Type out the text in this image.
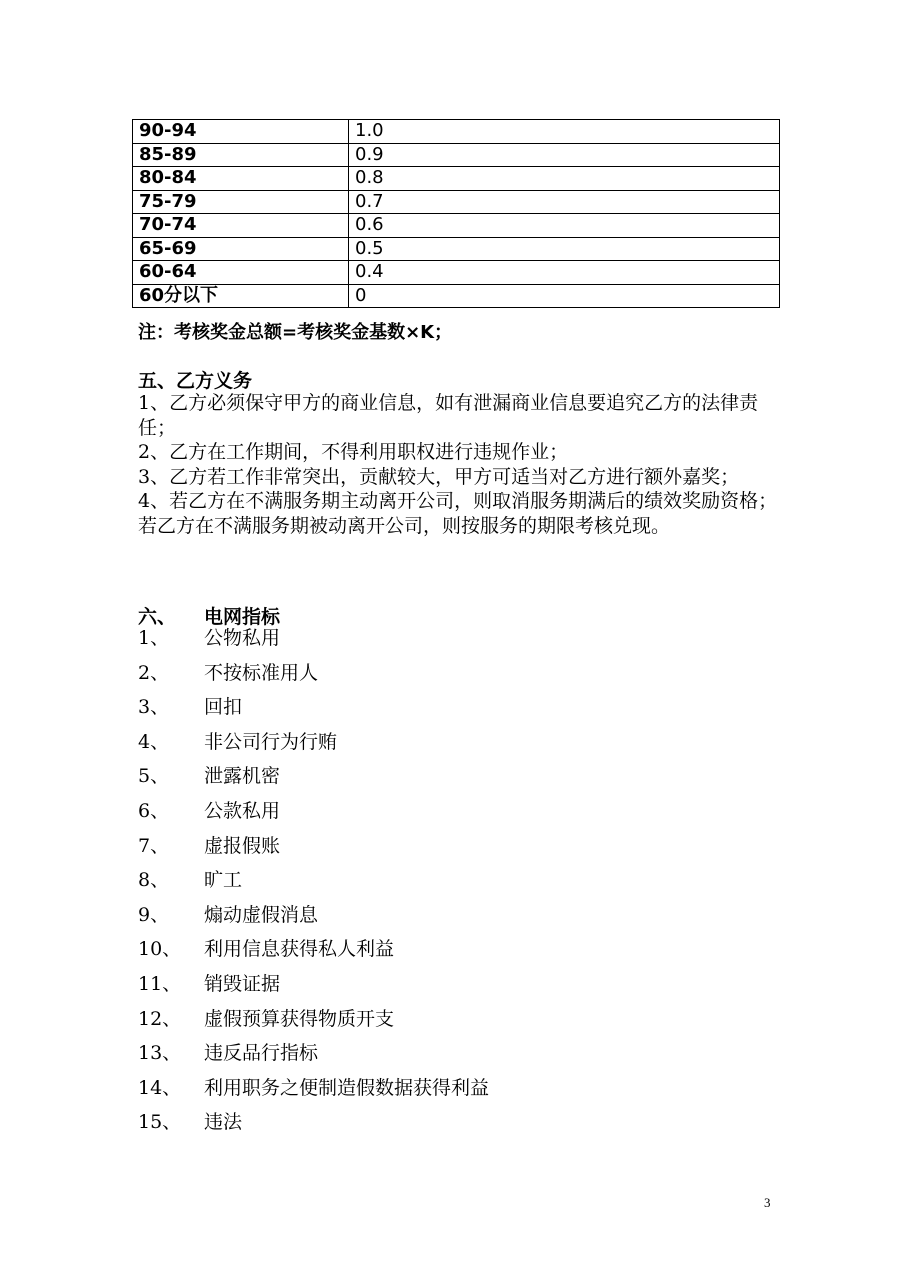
90-94	1.0
85-89	0.9
80-84	0.8
75-79	0.7
70-74	0.6
65-69	0.5
60-64	0.4
60分以下	0
注：考核奖金总额=考核奖金基数×K；
五、乙方义务

1、乙方必须保守甲方的商业信息，如有泄漏商业信息要追究乙方的法律责任；

2、乙方在工作期间，不得利用职权进行违规作业；

3、乙方若工作非常突出，贡献较大，甲方可适当对乙方进行额外嘉奖；

4、若乙方在不满服务期主动离开公司，则取消服务期满后的绩效奖励资格；若乙方在不满服务期被动离开公司，则按服务的期限考核兑现。

六、 电网指标
1、 公物私用
2、 不按标准用人
3、 回扣
4、 非公司行为行贿
5、 泄露机密
6、 公款私用
7、 虚报假账
8、 旷工
9、 煽动虚假消息
10、 利用信息获得私人利益
11、 销毁证据
12、 虚假预算获得物质开支
13、 违反品行指标
14、 利用职务之便制造假数据获得利益
15、 违法
3
